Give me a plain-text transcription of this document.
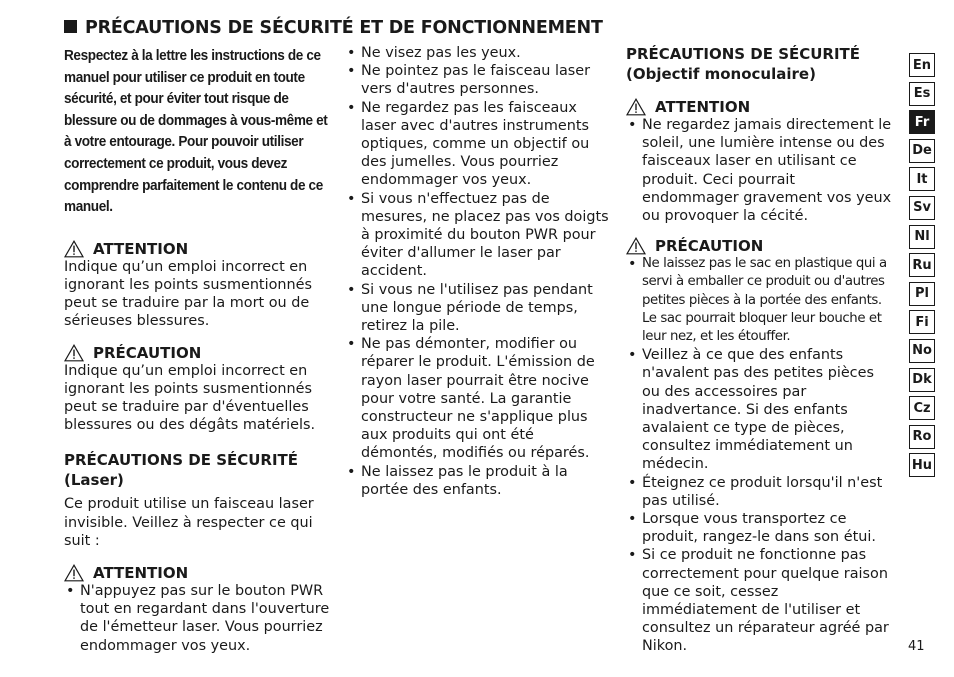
PRÉCAUTIONS DE SÉCURITÉ ET DE FONCTIONNEMENT

Respectez à la lettre les instructions de ce manuel pour utiliser ce produit en toute sécurité, et pour éviter tout risque de blessure ou de dommages à vous-même et à votre entourage. Pour pouvoir utiliser correctement ce produit, vous devez comprendre parfaitement le contenu de ce manuel.

ATTENTION

Indique qu’un emploi incorrect en ignorant les points susmentionnés peut se traduire par la mort ou de sérieuses blessures.

PRÉCAUTION

Indique qu’un emploi incorrect en ignorant les points susmentionnés peut se traduire par d'éventuelles blessures ou des dégâts matériels.

PRÉCAUTIONS DE SÉCURITÉ
(Laser)

Ce produit utilise un faisceau laser invisible. Veillez à respecter ce qui suit :

ATTENTION
• N'appuyez pas sur le bouton PWR tout en regardant dans l'ouverture de l'émetteur laser. Vous pourriez endommager vos yeux.
• Ne visez pas les yeux.
• Ne pointez pas le faisceau laser vers d'autres personnes.
• Ne regardez pas les faisceaux laser avec d'autres instruments optiques, comme un objectif ou des jumelles. Vous pourriez endommager vos yeux.
• Si vous n'effectuez pas de mesures, ne placez pas vos doigts à proximité du bouton PWR pour éviter d'allumer le laser par accident.
• Si vous ne l'utilisez pas pendant une longue période de temps, retirez la pile.
• Ne pas démonter, modifier ou réparer le produit. L'émission de rayon laser pourrait être nocive pour votre santé. La garantie constructeur ne s'applique plus aux produits qui ont été démontés, modifiés ou réparés.
• Ne laissez pas le produit à la portée des enfants.
PRÉCAUTIONS DE SÉCURITÉ
(Objectif monoculaire)
ATTENTION
• Ne regardez jamais directement le soleil, une lumière intense ou des faisceaux laser en utilisant ce produit. Ceci pourrait endommager gravement vos yeux ou provoquer la cécité.
PRÉCAUTION
• Ne laissez pas le sac en plastique qui a servi à emballer ce produit ou d'autres petites pièces à la portée des enfants. Le sac pourrait bloquer leur bouche et leur nez, et les étouffer.
• Veillez à ce que des enfants n'avalent pas des petites pièces ou des accessoires par inadvertance. Si des enfants avalaient ce type de pièces, consultez immédiatement un médecin.
• Éteignez ce produit lorsqu'il n'est pas utilisé.
• Lorsque vous transportez ce produit, rangez-le dans son étui.
• Si ce produit ne fonctionne pas correctement pour quelque raison que ce soit, cessez immédiatement de l'utiliser et consultez un réparateur agréé par Nikon.
En
Es
Fr
De
It
Sv
Nl
Ru
Pl
Fi
No
Dk
Cz
Ro
Hu
41
